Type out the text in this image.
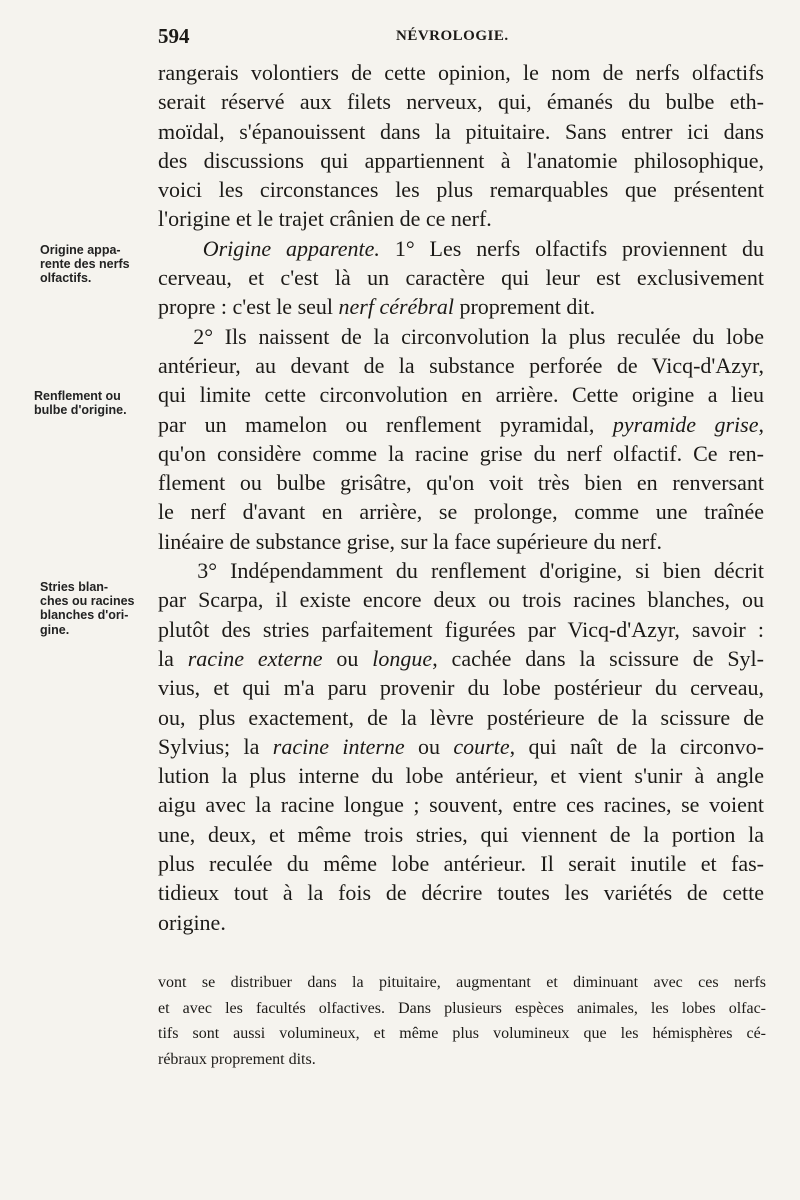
594	NÉVROLOGIE.
Origine appa-
rente des nerfs
olfactifs.
Renflement ou
bulbe d'origine.
Stries blan-
ches ou racines
blanches d'ori-
gine.
rangerais volontiers de cette opinion, le nom de nerfs olfactifs
serait réservé aux filets nerveux, qui, émanés du bulbe eth-
moïdal, s'épanouissent dans la pituitaire. Sans entrer ici dans
des discussions qui appartiennent à l'anatomie philosophique,
voici les circonstances les plus remarquables que présentent
l'origine et le trajet crânien de ce nerf.
Origine apparente. 1° Les nerfs olfactifs proviennent du
cerveau, et c'est là un caractère qui leur est exclusivement
propre : c'est le seul nerf cérébral proprement dit.
2° Ils naissent de la circonvolution la plus reculée du lobe
antérieur, au devant de la substance perforée de Vicq-d'Azyr,
qui limite cette circonvolution en arrière. Cette origine a lieu
par un mamelon ou renflement pyramidal, pyramide grise,
qu'on considère comme la racine grise du nerf olfactif. Ce ren-
flement ou bulbe grisâtre, qu'on voit très bien en renversant
le nerf d'avant en arrière, se prolonge, comme une traînée
linéaire de substance grise, sur la face supérieure du nerf.
3° Indépendamment du renflement d'origine, si bien décrit
par Scarpa, il existe encore deux ou trois racines blanches, ou
plutôt des stries parfaitement figurées par Vicq-d'Azyr, savoir :
la racine externe ou longue, cachée dans la scissure de Syl-
vius, et qui m'a paru provenir du lobe postérieur du cerveau,
ou, plus exactement, de la lèvre postérieure de la scissure de
Sylvius; la racine interne ou courte, qui naît de la circonvo-
lution la plus interne du lobe antérieur, et vient s'unir à angle
aigu avec la racine longue ; souvent, entre ces racines, se voient
une, deux, et même trois stries, qui viennent de la portion la
plus reculée du même lobe antérieur. Il serait inutile et fas-
tidieux tout à la fois de décrire toutes les variétés de cette
origine.
vont se distribuer dans la pituitaire, augmentant et diminuant avec ces nerfs
et avec les facultés olfactives. Dans plusieurs espèces animales, les lobes olfac-
tifs sont aussi volumineux, et même plus volumineux que les hémisphères cé-
rébraux proprement dits.
